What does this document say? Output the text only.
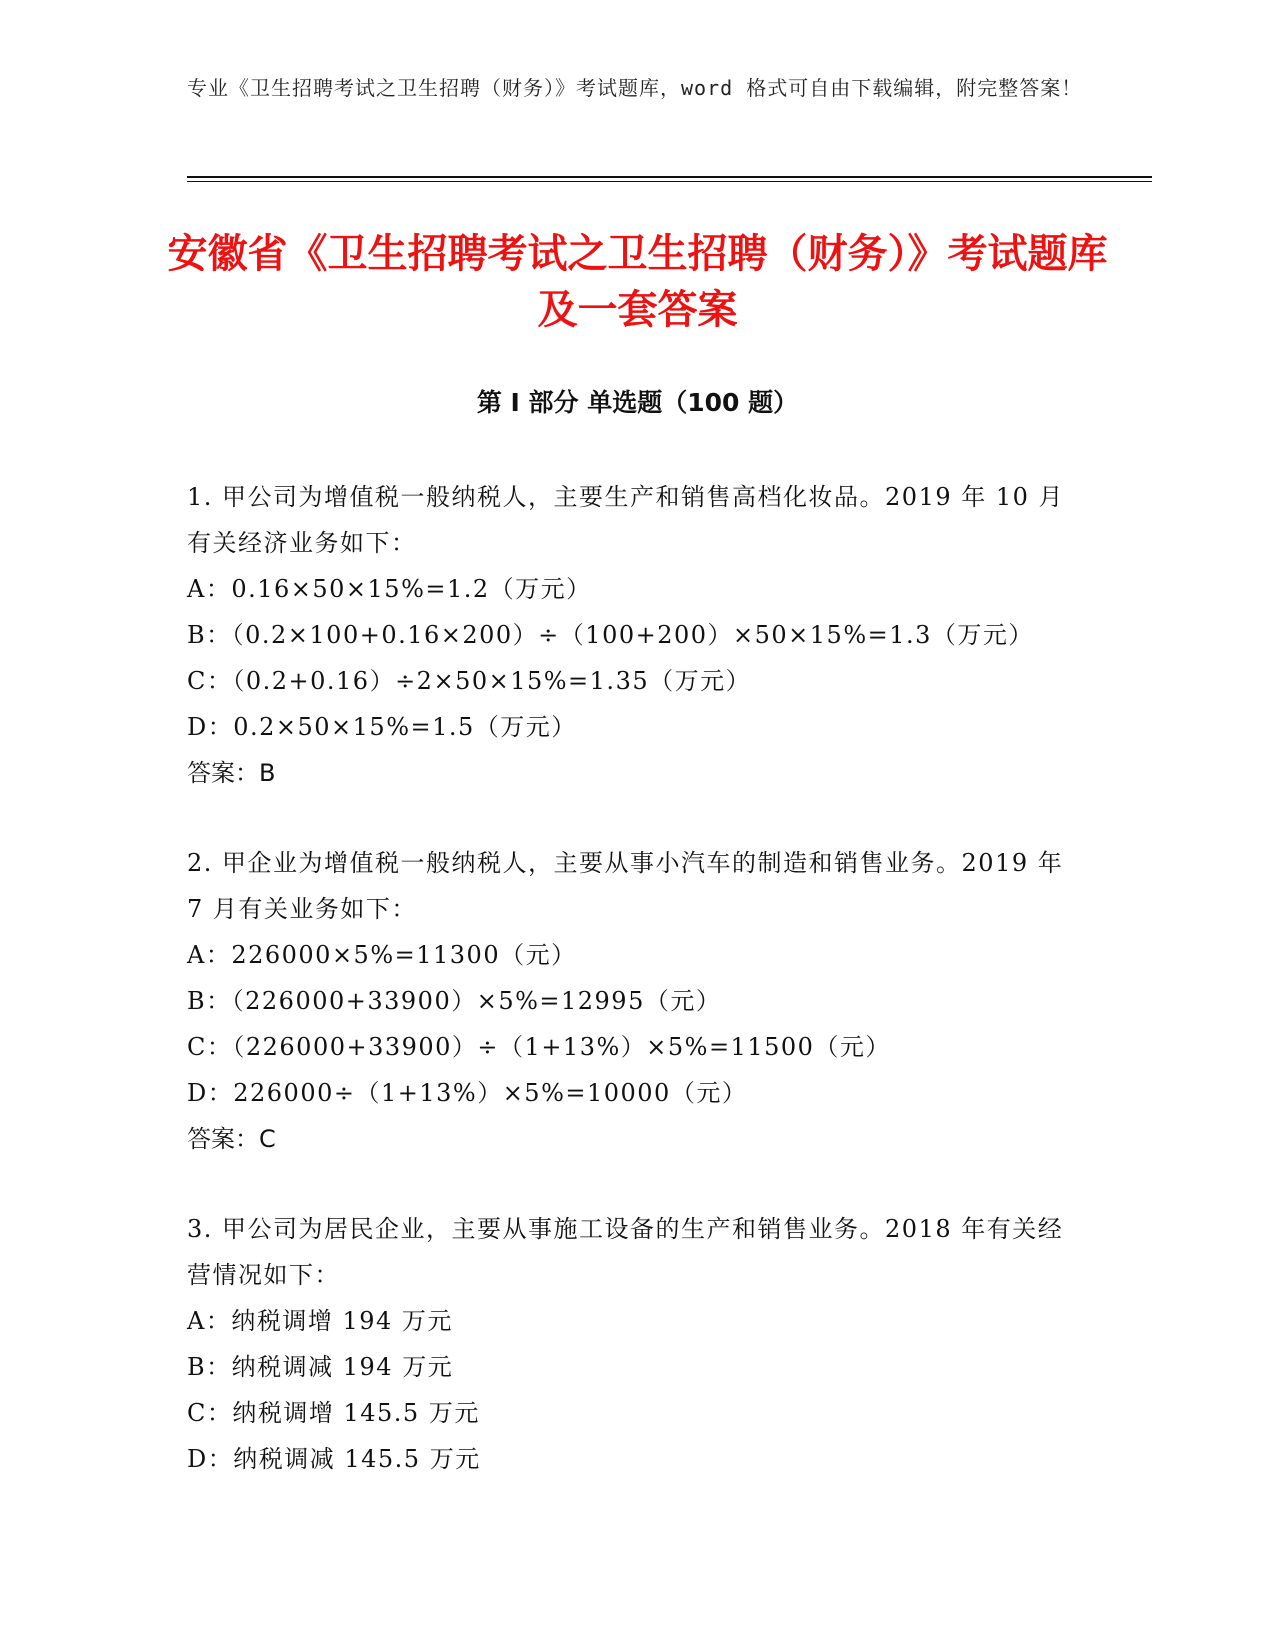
专业《卫生招聘考试之卫生招聘（财务）》考试题库，word 格式可自由下载编辑，附完整答案！
安徽省《卫生招聘考试之卫生招聘（财务）》考试题库及一套答案
第 I 部分 单选题（100 题）

1. 甲公司为增值税一般纳税人，主要生产和销售高档化妆品。2019 年 10 月有关经济业务如下：

A：0.16×50×15%=1.2（万元）

B：（0.2×100+0.16×200）÷（100+200）×50×15%=1.3（万元）

C：（0.2+0.16）÷2×50×15%=1.35（万元）

D：0.2×50×15%=1.5（万元）

答案：B

2. 甲企业为增值税一般纳税人，主要从事小汽车的制造和销售业务。2019 年 7 月有关业务如下：

A：226000×5%=11300（元）

B：（226000+33900）×5%=12995（元）

C：（226000+33900）÷（1+13%）×5%=11500（元）

D：226000÷（1+13%）×5%=10000（元）

答案：C

3. 甲公司为居民企业，主要从事施工设备的生产和销售业务。2018 年有关经营情况如下：

A：纳税调增 194 万元

B：纳税调减 194 万元

C：纳税调增 145.5 万元

D：纳税调减 145.5 万元
